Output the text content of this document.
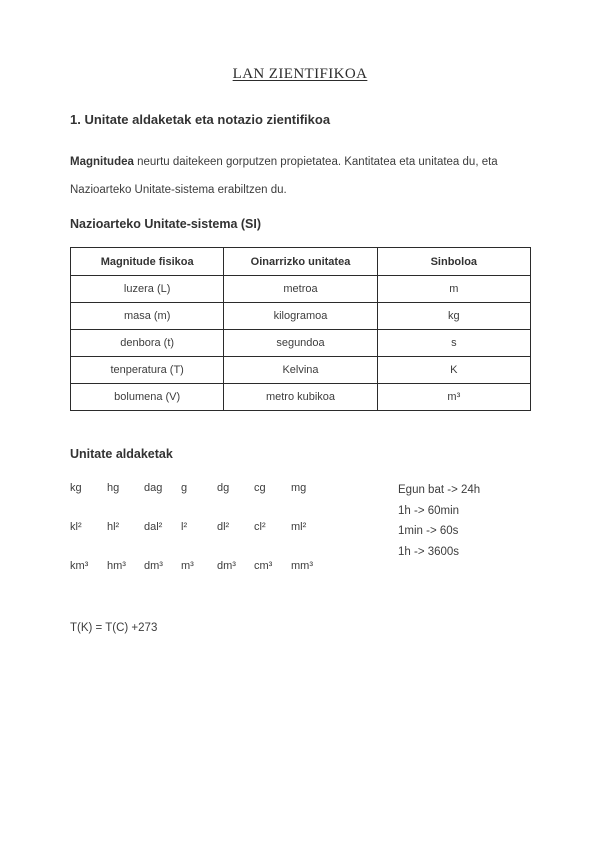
LAN ZIENTIFIKOA
1. Unitate aldaketak eta notazio zientifikoa

Magnitudea neurtu daitekeen gorputzen propietatea. Kantitatea eta unitatea du, eta Nazioarteko Unitate-sistema erabiltzen du.

Nazioarteko Unitate-sistema (SI)
Magnitude fisikoa	Oinarrizko unitatea	Sinboloa
luzera (L)	metroa	m
masa (m)	kilogramoa	kg
denbora (t)	segundoa	s
tenperatura (T)	Kelvina	K
bolumena (V)	metro kubikoa	m³
Unitate aldaketak
kg	hg	dag	g	dg	cg	mg
kl²	hl²	dal²	l²	dl²	cl²	ml²
km³	hm³	dm³	m³	dm³	cm³	mm³
Egun bat -> 24h
1h -> 60min
1min -> 60s
1h -> 3600s
T(K) = T(C) +273
